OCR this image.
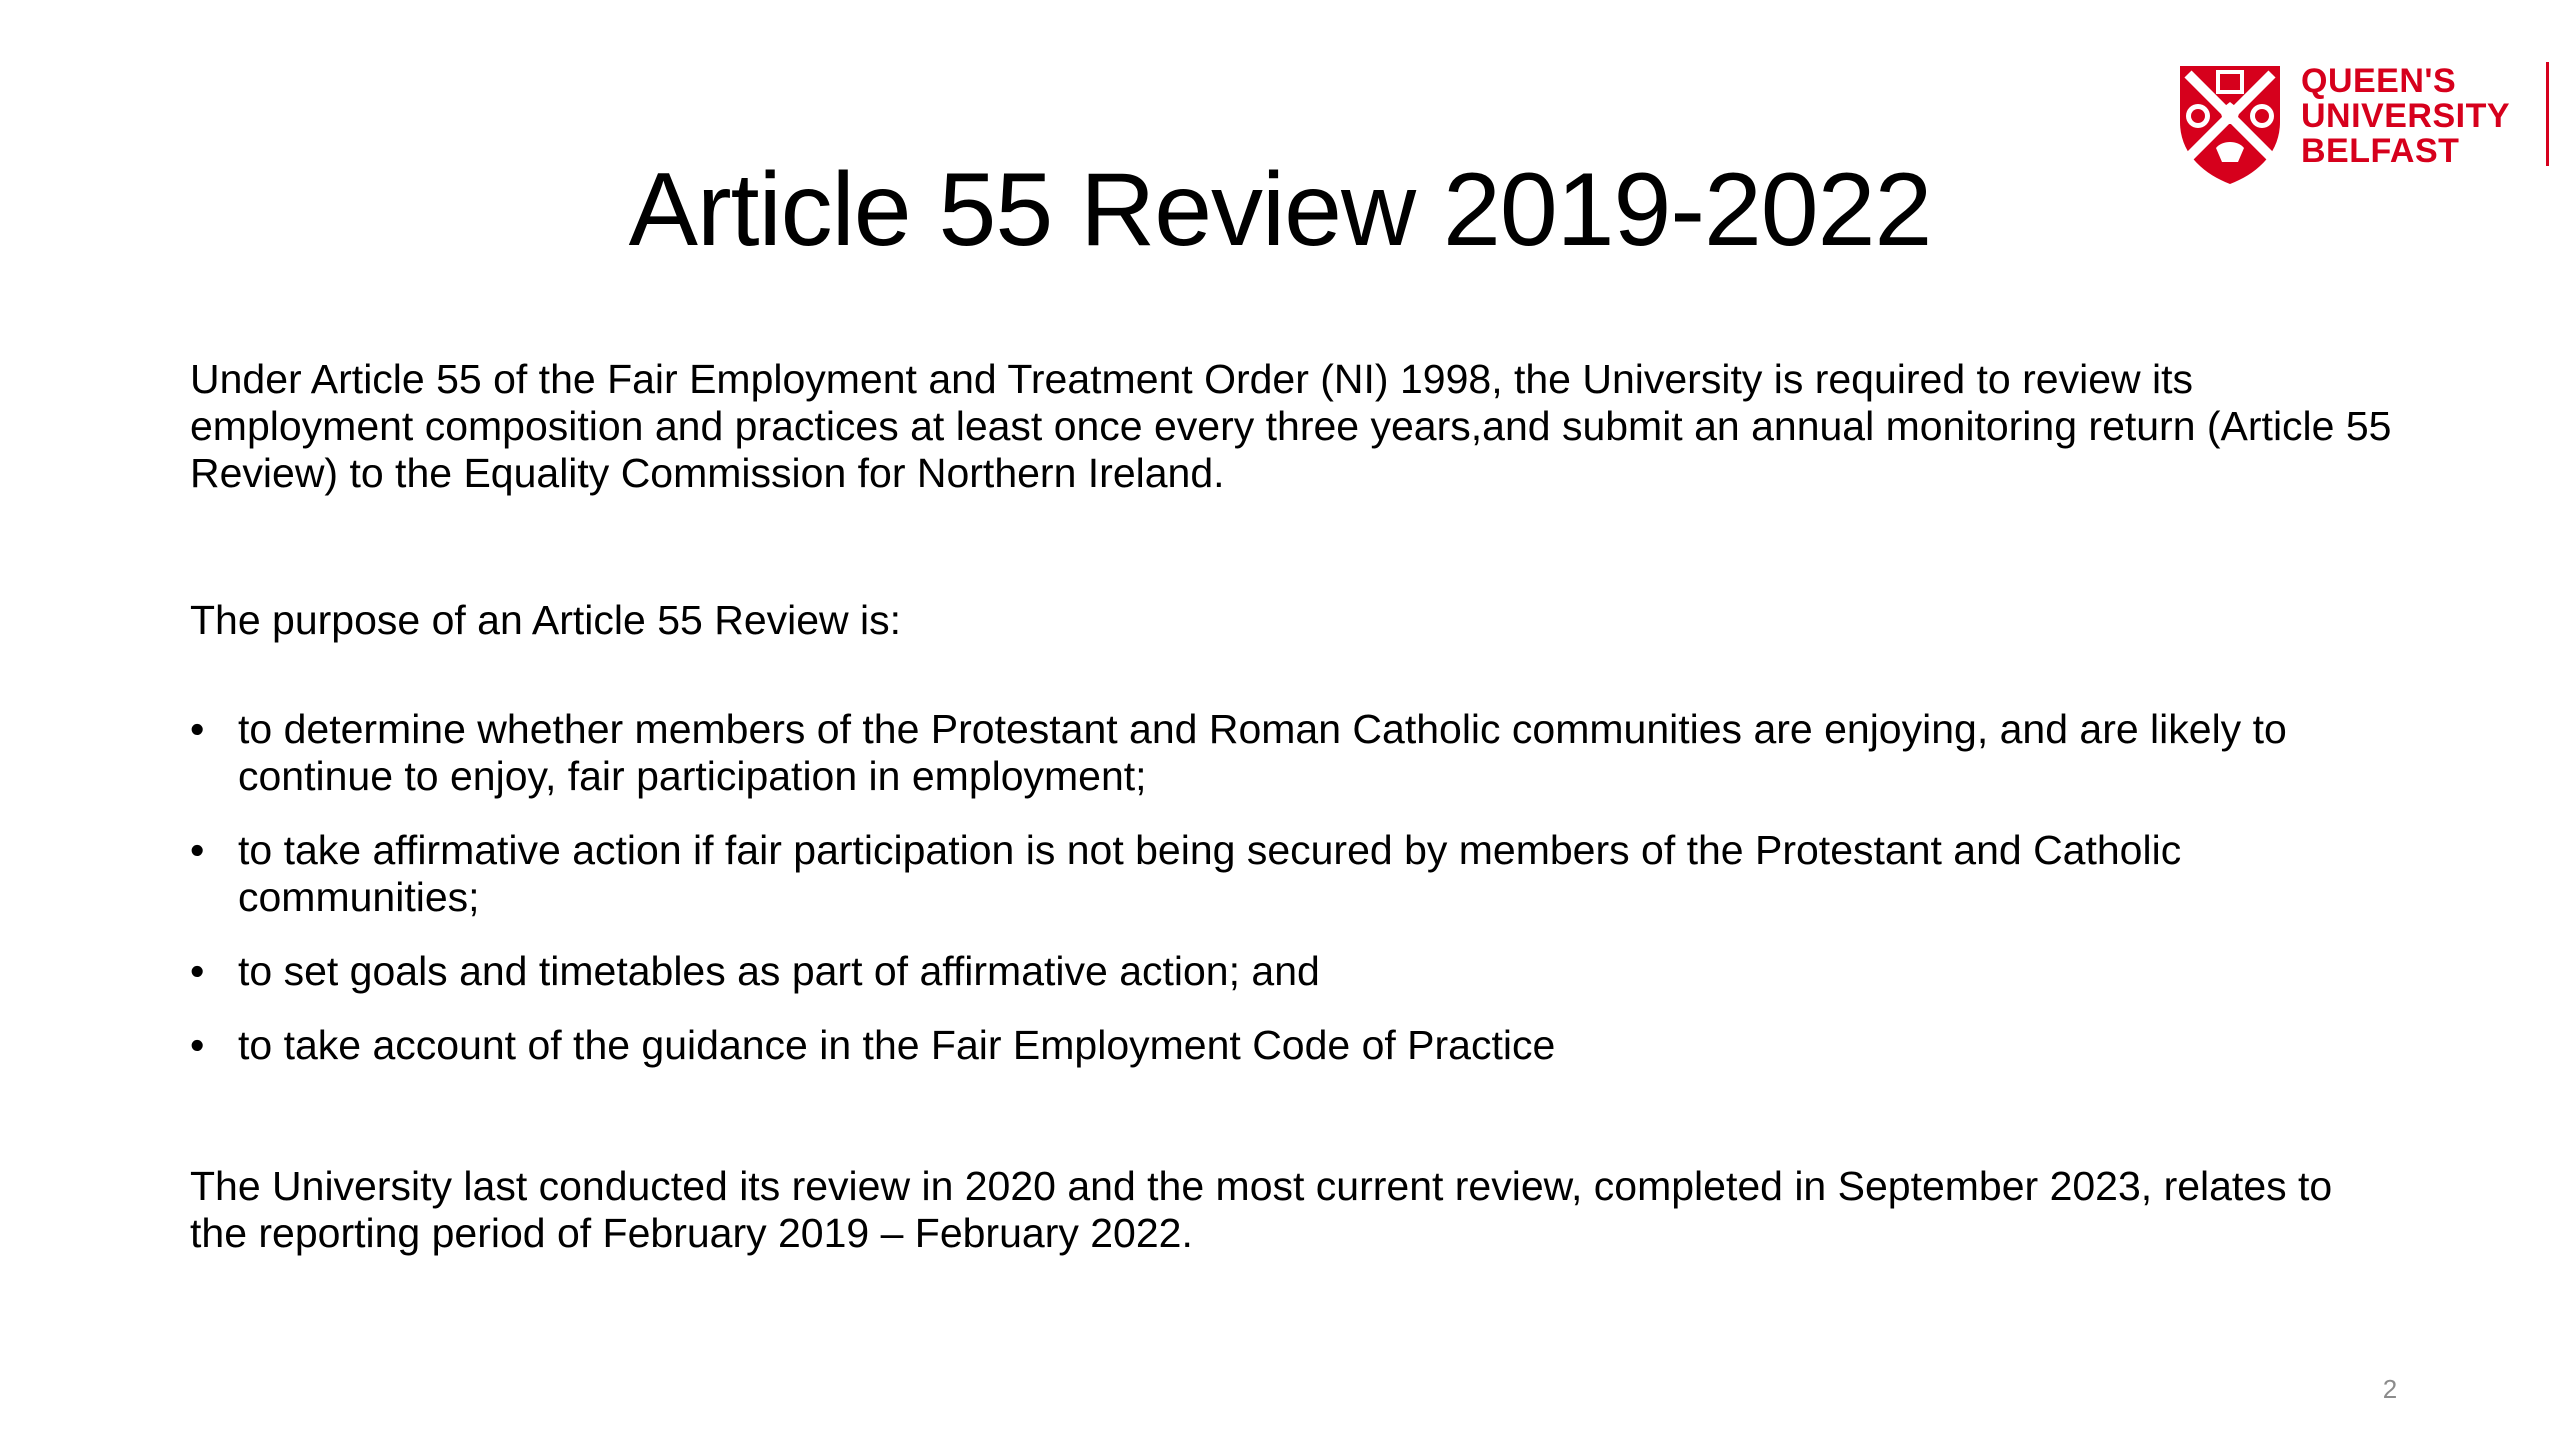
QUEEN'S
UNIVERSITY
BELFAST
Article 55 Review 2019-2022

Under Article 55 of the Fair Employment and Treatment Order (NI) 1998, the University is required to review its employment composition and practices at least once every three years,and submit an annual monitoring return (Article 55 Review) to the Equality Commission for Northern Ireland.

The purpose of an Article 55 Review is:

• to determine whether members of the Protestant and Roman Catholic communities are enjoying, and are likely to continue to enjoy, fair participation in employment;
• to take affirmative action if fair participation is not being secured by members of the Protestant and Catholic communities;
• to set goals and timetables as part of affirmative action; and
• to take account of the guidance in the Fair Employment Code of Practice

The University last conducted its review in 2020 and the most current review, completed in September 2023, relates to the reporting period of February 2019 – February 2022.

2
